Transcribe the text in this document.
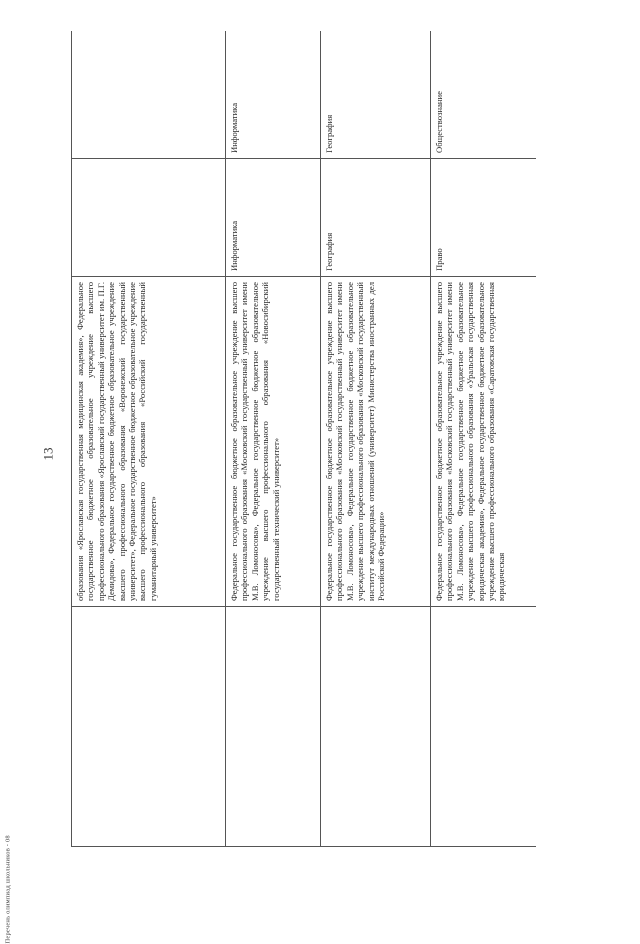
13
Перечень олимпиад школьников - 08
	образования «Ярославская государственная медицинская академия», Федеральное государственное бюджетное образовательное учреждение высшего профессионального образования «Ярославский государственный университет им. П.Г. Демидова», Федеральное государственное бюджетное образовательное учреждение высшего профессионального образования «Воронежский государственный университет», Федеральное государственное бюджетное образовательное учреждение высшего профессионального образования «Российский государственный гуманитарный университет»		
	Федеральное государственное бюджетное образовательное учреждение высшего профессионального образования «Московский государственный университет имени М.В. Ломоносова», Федеральное государственное бюджетное образовательное учреждение высшего профессионального образования «Новосибирский государственный технический университет»	Информатика	Информатика
	Федеральное государственное бюджетное образовательное учреждение высшего профессионального образования «Московский государственный университет имени М.В. Ломоносова», Федеральное государственное бюджетное образовательное учреждение высшего профессионального образования «Московский государственный институт международных отношений (университет) Министерства иностранных дел Российской Федерации»	География	География
	Федеральное государственное бюджетное образовательное учреждение высшего профессионального образования «Московский государственный университет имени М.В. Ломоносова», Федеральное государственное бюджетное образовательное учреждение высшего профессионального образования «Уральская государственная юридическая академия», Федеральное государственное бюджетное образовательное учреждение высшего профессионального образования «Саратовская государственная юридическая	Право	Обществознание
